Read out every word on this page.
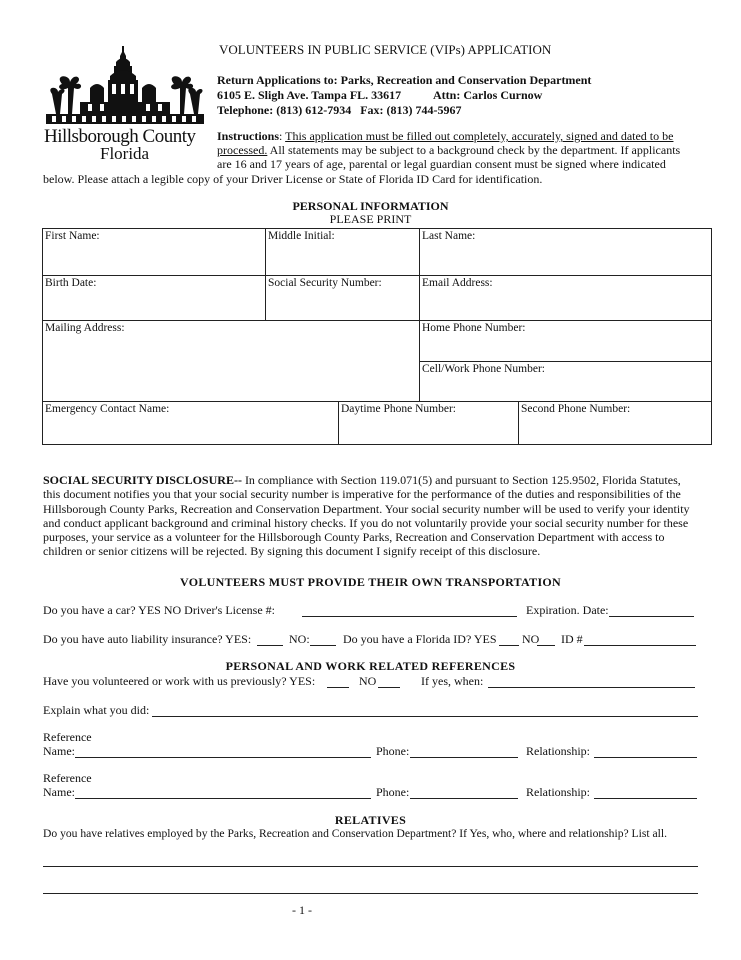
Hillsborough County
Florida
VOLUNTEERS IN PUBLIC SERVICE (VIPs) APPLICATION
Return Applications to: Parks, Recreation and Conservation Department
6105 E. Sligh Ave. Tampa FL. 33617	Attn: Carlos Curnow
Telephone: (813) 612-7934   Fax: (813) 744-5967
Instructions: This application must be filled out completely, accurately, signed and dated to be processed. All statements may be subject to a background check by the department. If applicants are 16 and 17 years of age, parental or legal guardian consent must be signed where indicated
below. Please attach a legible copy of your Driver License or State of Florida ID Card for identification.
PERSONAL INFORMATION
PLEASE PRINT
First Name:	Middle Initial:	Last Name:
Birth Date:	Social Security Number:	Email Address:
Mailing Address:	Home Phone Number:
Cell/Work Phone Number:
Emergency Contact Name:	Daytime Phone Number:	Second Phone Number:
SOCIAL SECURITY DISCLOSURE-- In compliance with Section 119.071(5) and pursuant to Section 125.9502, Florida Statutes, this document notifies you that your social security number is imperative for the performance of the duties and responsibilities of the Hillsborough County Parks, Recreation and Conservation Department. Your social security number will be used to verify your identity and conduct applicant background and criminal history checks. If you do not voluntarily provide your social security number for these purposes, your service as a volunteer for the Hillsborough County Parks, Recreation and Conservation Department with access to children or senior citizens will be rejected. By signing this document I signify receipt of this disclosure.
VOLUNTEERS MUST PROVIDE THEIR OWN TRANSPORTATION
Do you have a car? YES NO Driver's License #:	Expiration. Date:
Do you have auto liability insurance? YES:	NO:	Do you have a Florida ID? YES NO ID #
PERSONAL AND WORK RELATED REFERENCES
Have you volunteered or work with us previously? YES:	NO	If yes, when:
Explain what you did:
Reference
Name:	Phone:	Relationship:
Reference
Name:	Phone:	Relationship:
RELATIVES
Do you have relatives employed by the Parks, Recreation and Conservation Department? If Yes, who, where and relationship? List all.
- 1 -
